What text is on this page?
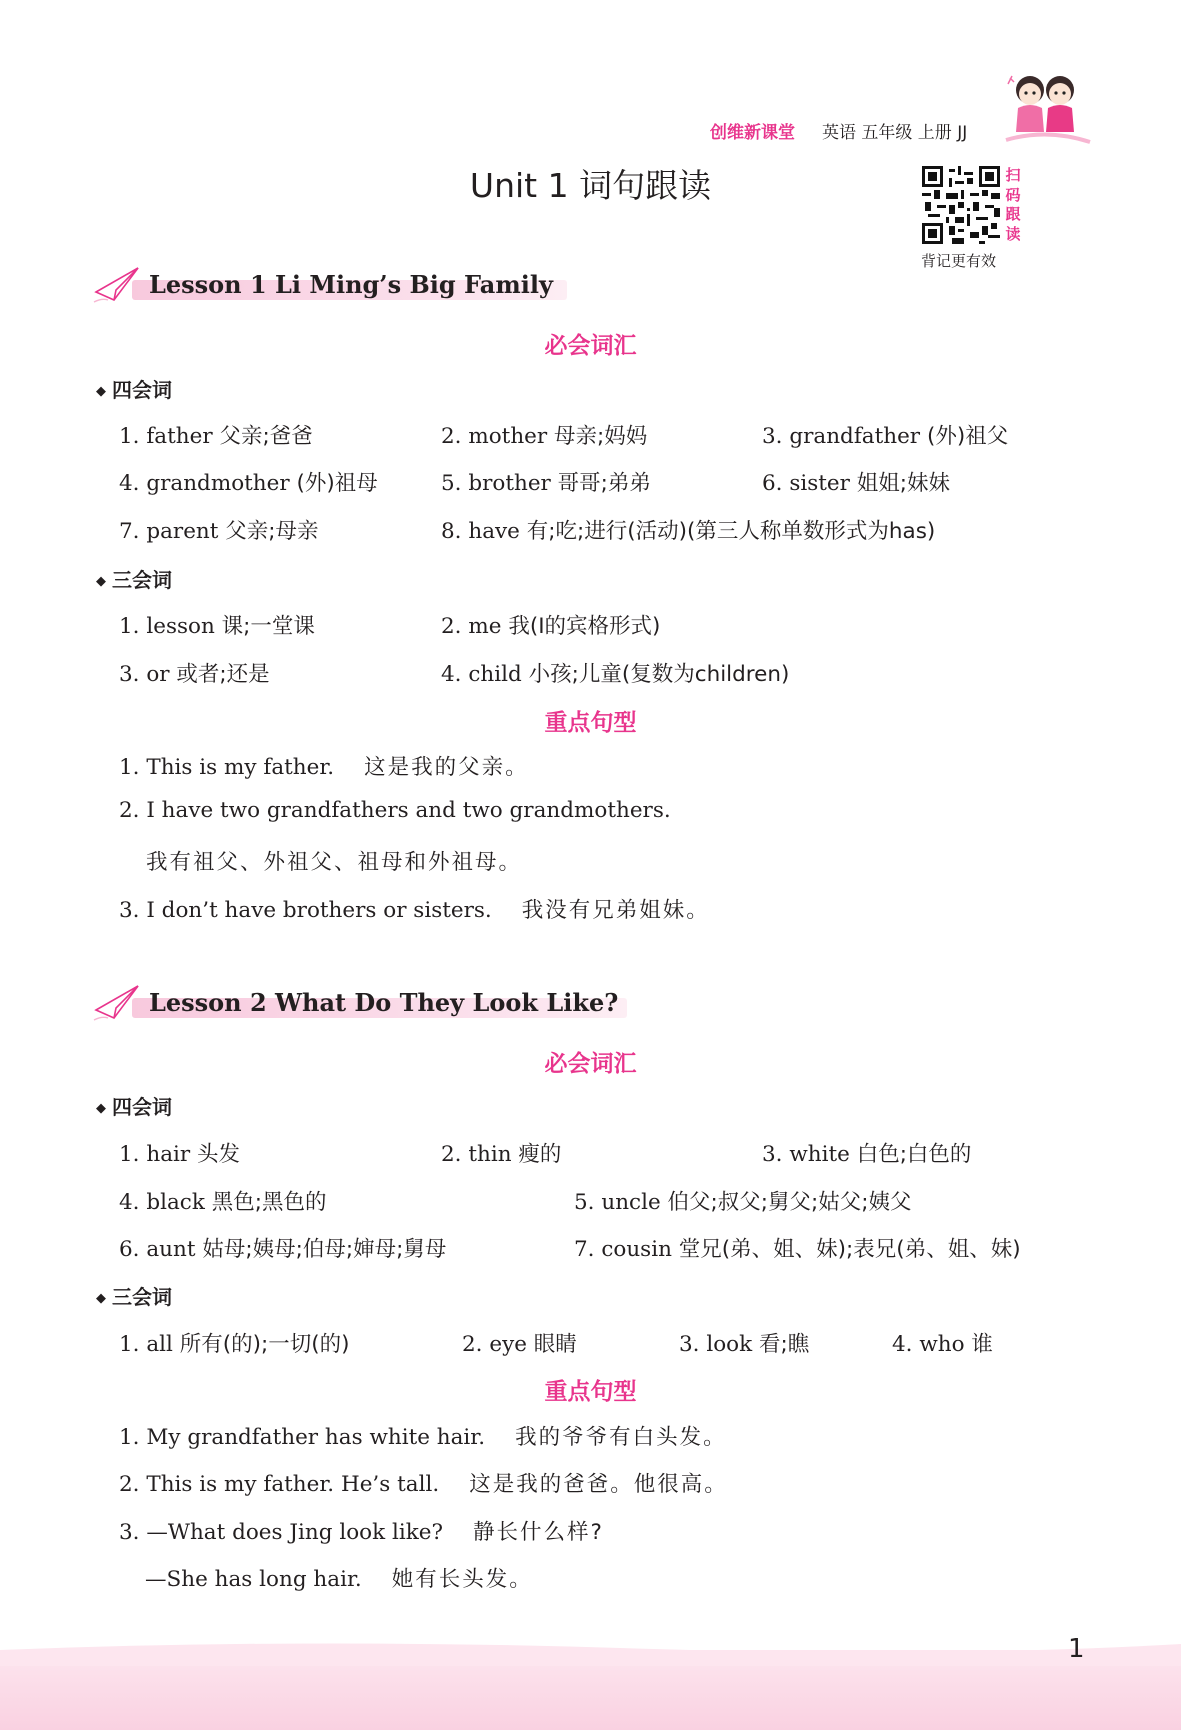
创维新课堂 英语 五年级 上册 JJ
Unit 1 词句跟读	扫
码
跟
读
背记更有效
Lesson 1 Li Ming’s Big Family
必会词汇
◆ 四会词
1. father 父亲;爸爸	2. mother 母亲;妈妈	3. grandfather (外)祖父
4. grandmother (外)祖母	5. brother 哥哥;弟弟	6. sister 姐姐;妹妹
7. parent 父亲;母亲	8. have 有;吃;进行(活动)(第三人称单数形式为has)
◆ 三会词
1. lesson 课;一堂课	2. me 我(I的宾格形式)
3. or 或者;还是	4. child 小孩;儿童(复数为children)
重点句型
1. This is my father. 这是我的父亲。
2. I have two grandfathers and two grandmothers.
我有祖父、外祖父、祖母和外祖母。
3. I don’t have brothers or sisters. 我没有兄弟姐妹。
Lesson 2 What Do They Look Like?
必会词汇
◆ 四会词
1. hair 头发	2. thin 瘦的	3. white 白色;白色的
4. black 黑色;黑色的	5. uncle 伯父;叔父;舅父;姑父;姨父
6. aunt 姑母;姨母;伯母;婶母;舅母	7. cousin 堂兄(弟、姐、妹);表兄(弟、姐、妹)
◆ 三会词
1. all 所有(的);一切(的)	2. eye 眼睛	3. look 看;瞧	4. who 谁
重点句型
1. My grandfather has white hair. 我的爷爷有白头发。
2. This is my father. He’s tall. 这是我的爸爸。他很高。
3. —What does Jing look like? 静长什么样?
—She has long hair. 她有长头发。
1
